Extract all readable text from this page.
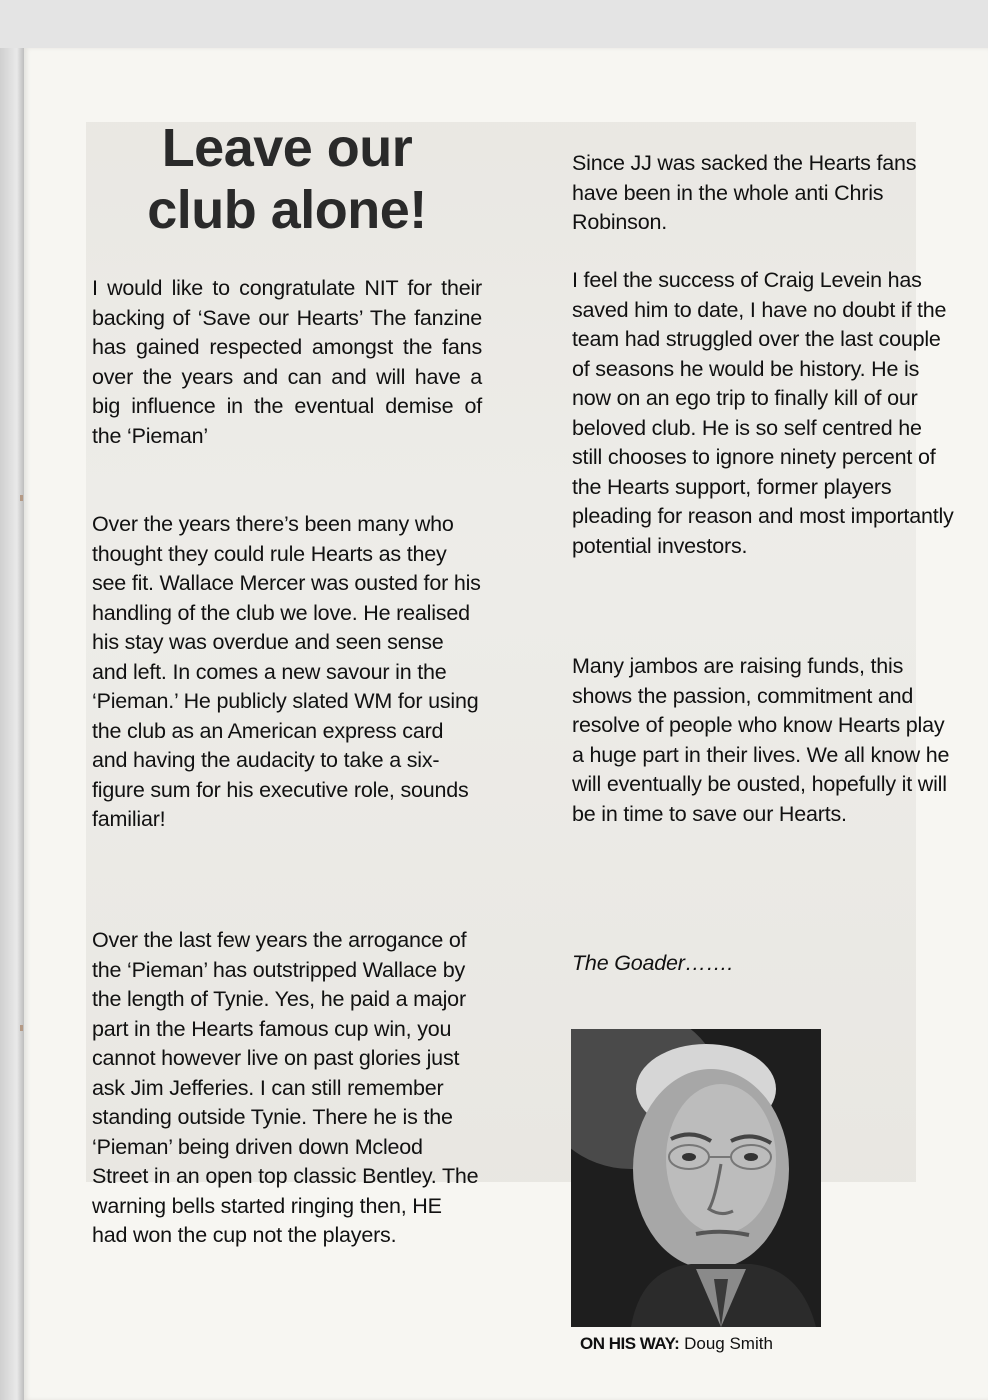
Leave our
club alone!

I would like to congratulate NIT for their backing of ‘Save our Hearts’ The fanzine has gained respected amongst the fans over the years and can and will have a big influence in the eventual demise of the ‘Pieman’

Over the years there’s been many who thought they could rule Hearts as they see fit. Wallace Mercer was ousted for his handling of the club we love. He realised his stay was overdue and seen sense and left. In comes a new savour in the ‘Pieman.’ He publicly slated WM for using the club as an American express card and having the audacity to take a six-figure sum for his executive role, sounds familiar!

Over the last few years the arrogance of the ‘Pieman’ has outstripped Wallace by the length of Tynie. Yes, he paid a major part in the Hearts famous cup win, you cannot however live on past glories just ask Jim Jefferies. I can still remember standing outside Tynie. There he is the ‘Pieman’ being driven down Mcleod Street in an open top classic Bentley. The warning bells started ringing then, HE had won the cup not the players.

Since JJ was sacked the Hearts fans have been in the whole anti Chris Robinson.

I feel the success of Craig Levein has saved him to date, I have no doubt if the team had struggled over the last couple of seasons he would be history. He is now on an ego trip to finally kill of our beloved club. He is so self centred he still chooses to ignore ninety percent of the Hearts support, former players pleading for reason and most importantly potential investors.

Many jambos are raising funds, this shows the passion, commitment and resolve of people who know Hearts play a huge part in their lives. We all know he will eventually be ousted, hopefully it will be in time to save our Hearts.

The Goader…….
ON HIS WAY: Doug Smith
